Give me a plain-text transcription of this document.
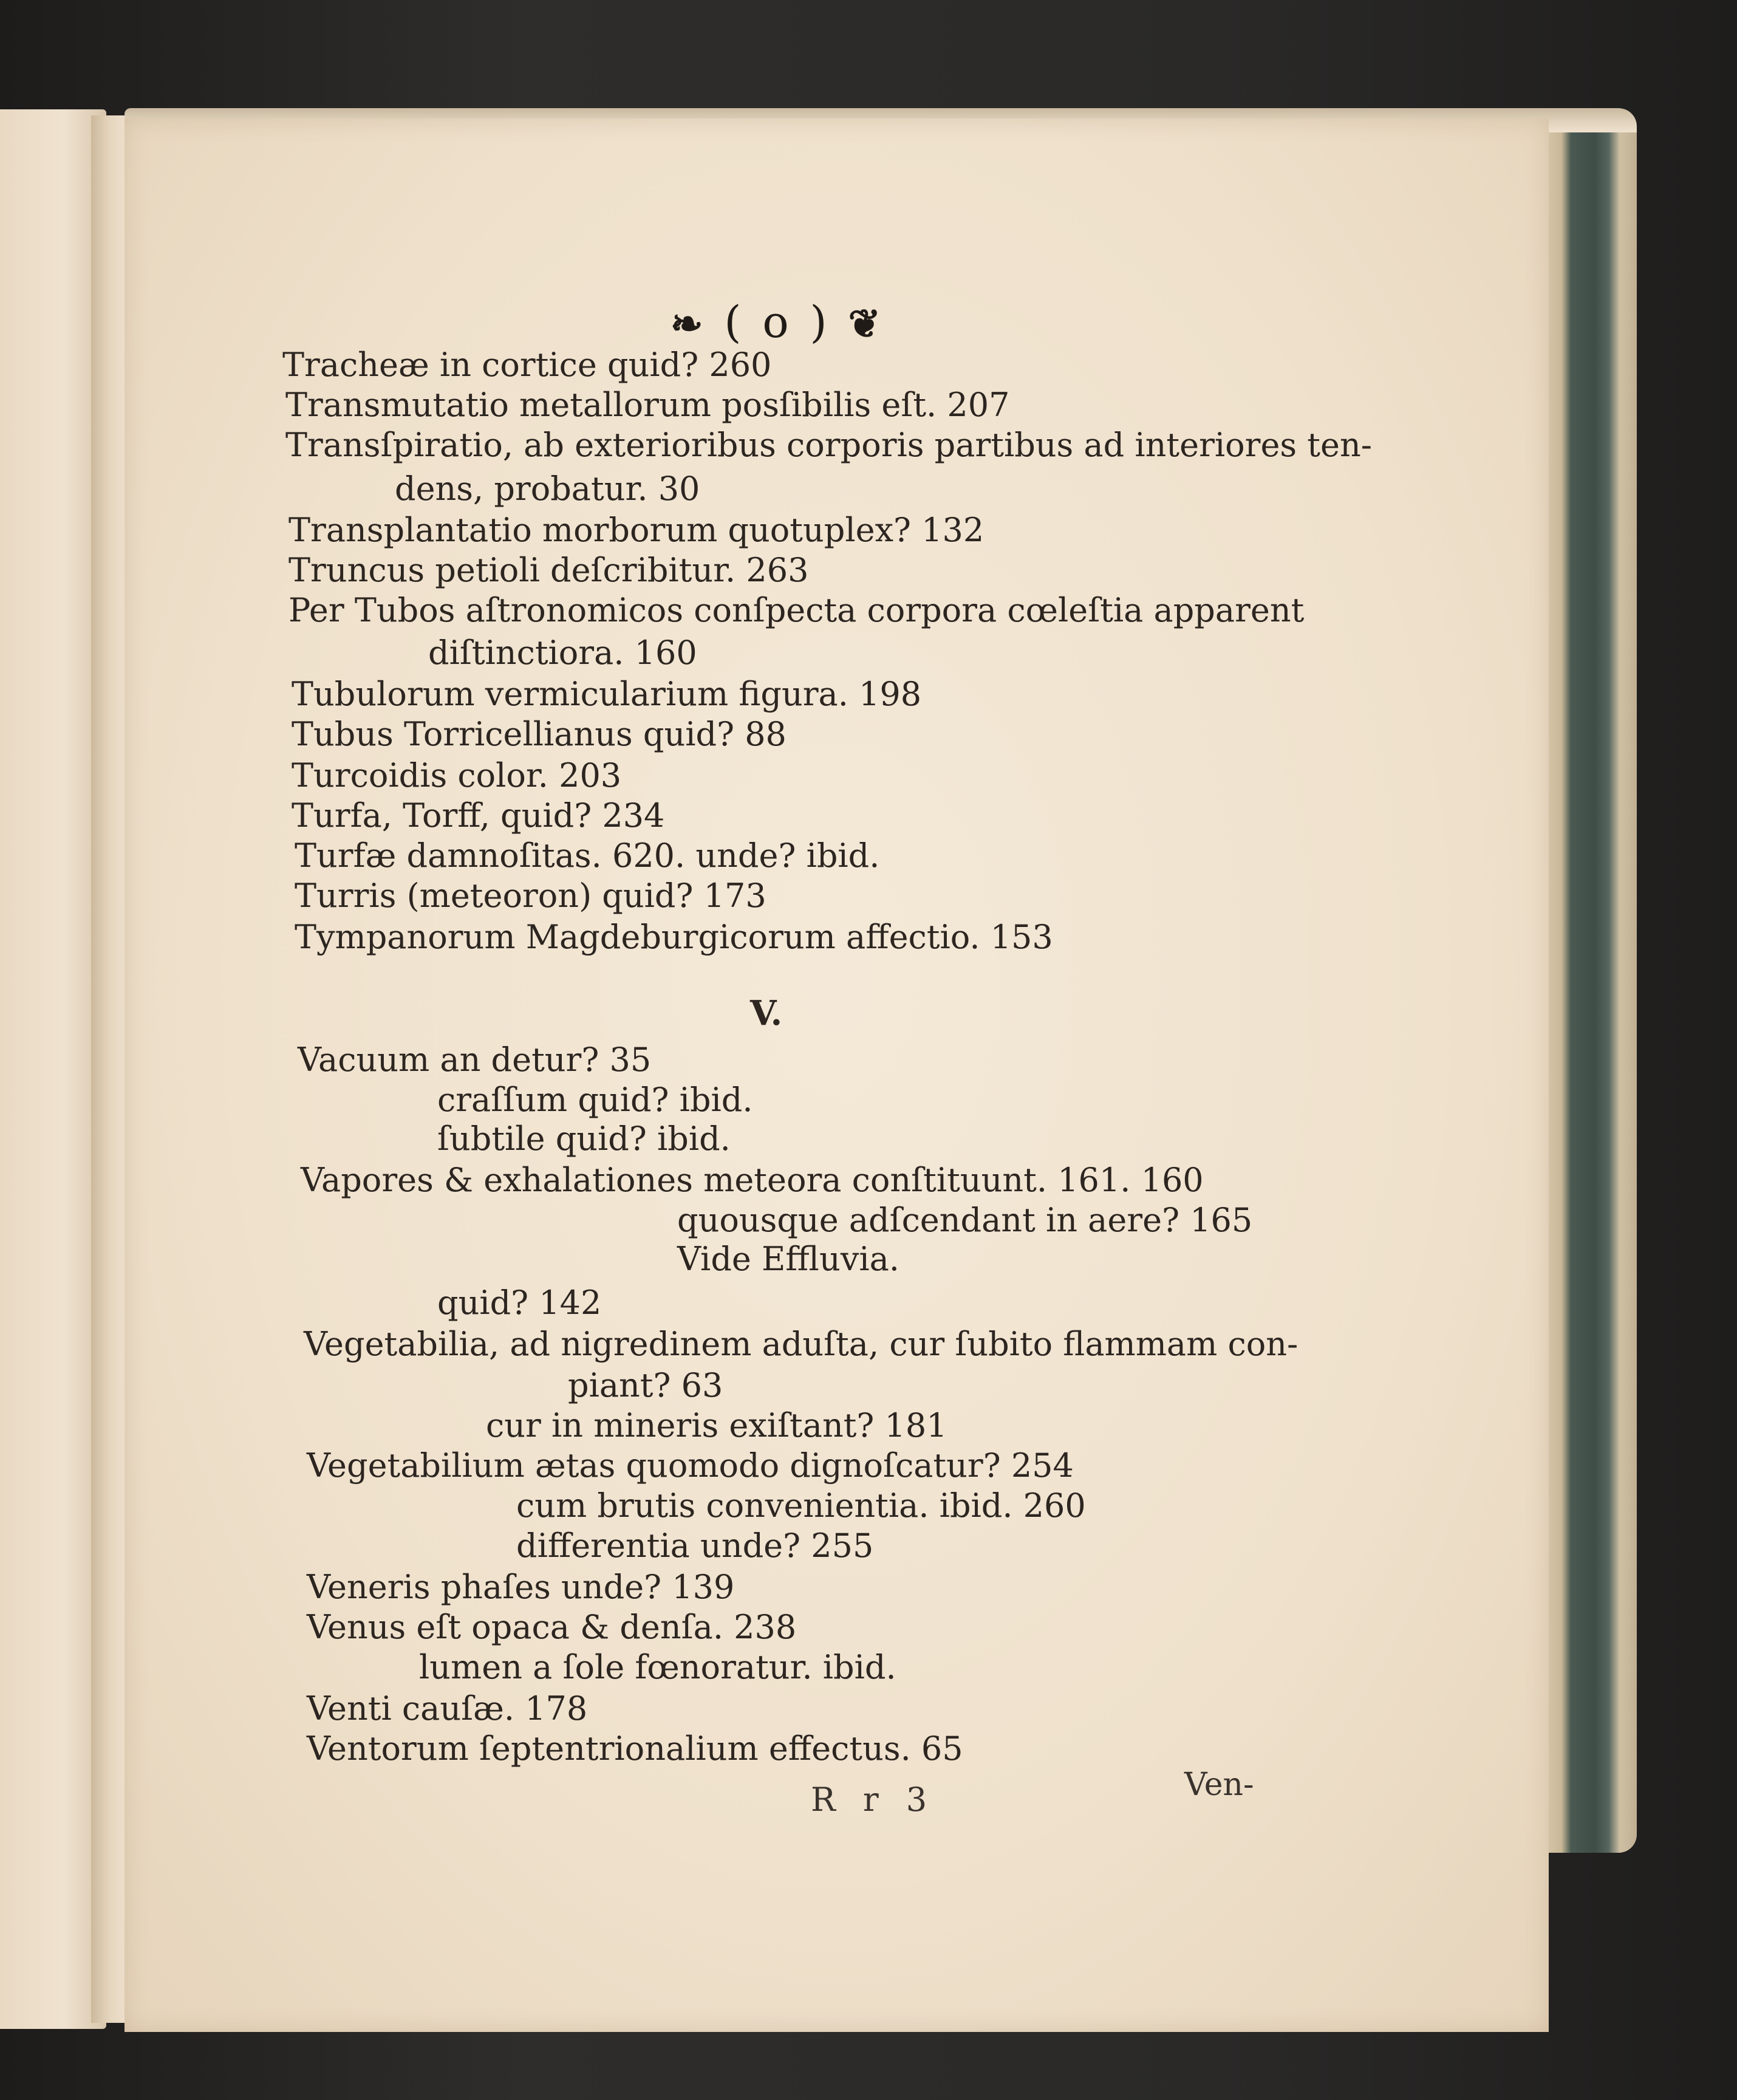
❧ ( o ) ❦
Tracheæ in cortice quid? 260
Transmutatio metallorum posſibilis eſt. 207
Transſpiratio, ab exterioribus corporis partibus ad interiores ten-
dens, probatur. 30
Transplantatio morborum quotuplex? 132
Truncus petioli deſcribitur. 263
Per Tubos aſtronomicos conſpecta corpora cœleſtia apparent
diſtinctiora. 160
Tubulorum vermicularium figura. 198
Tubus Torricellianus quid? 88
Turcoidis color. 203
Turfa, Torff, quid? 234
Turfæ damnoſitas. 620. unde? ibid.
Turris (meteoron) quid? 173
Tympanorum Magdeburgicorum affectio. 153
V.
Vacuum an detur? 35
craſſum quid? ibid.
ſubtile quid? ibid.
Vapores & exhalationes meteora conſtituunt. 161. 160
quousque adſcendant in aere? 165
Vide Effluvia.
quid? 142
Vegetabilia, ad nigredinem aduſta, cur ſubito flammam con-
piant? 63
cur in mineris exiſtant? 181
Vegetabilium ætas quomodo dignoſcatur? 254
cum brutis convenientia. ibid. 260
differentia unde? 255
Veneris phaſes unde? 139
Venus eſt opaca & denſa. 238
lumen a ſole fœnoratur. ibid.
Venti cauſæ. 178
Ventorum ſeptentrionalium effectus. 65
R r 3	Ven-
